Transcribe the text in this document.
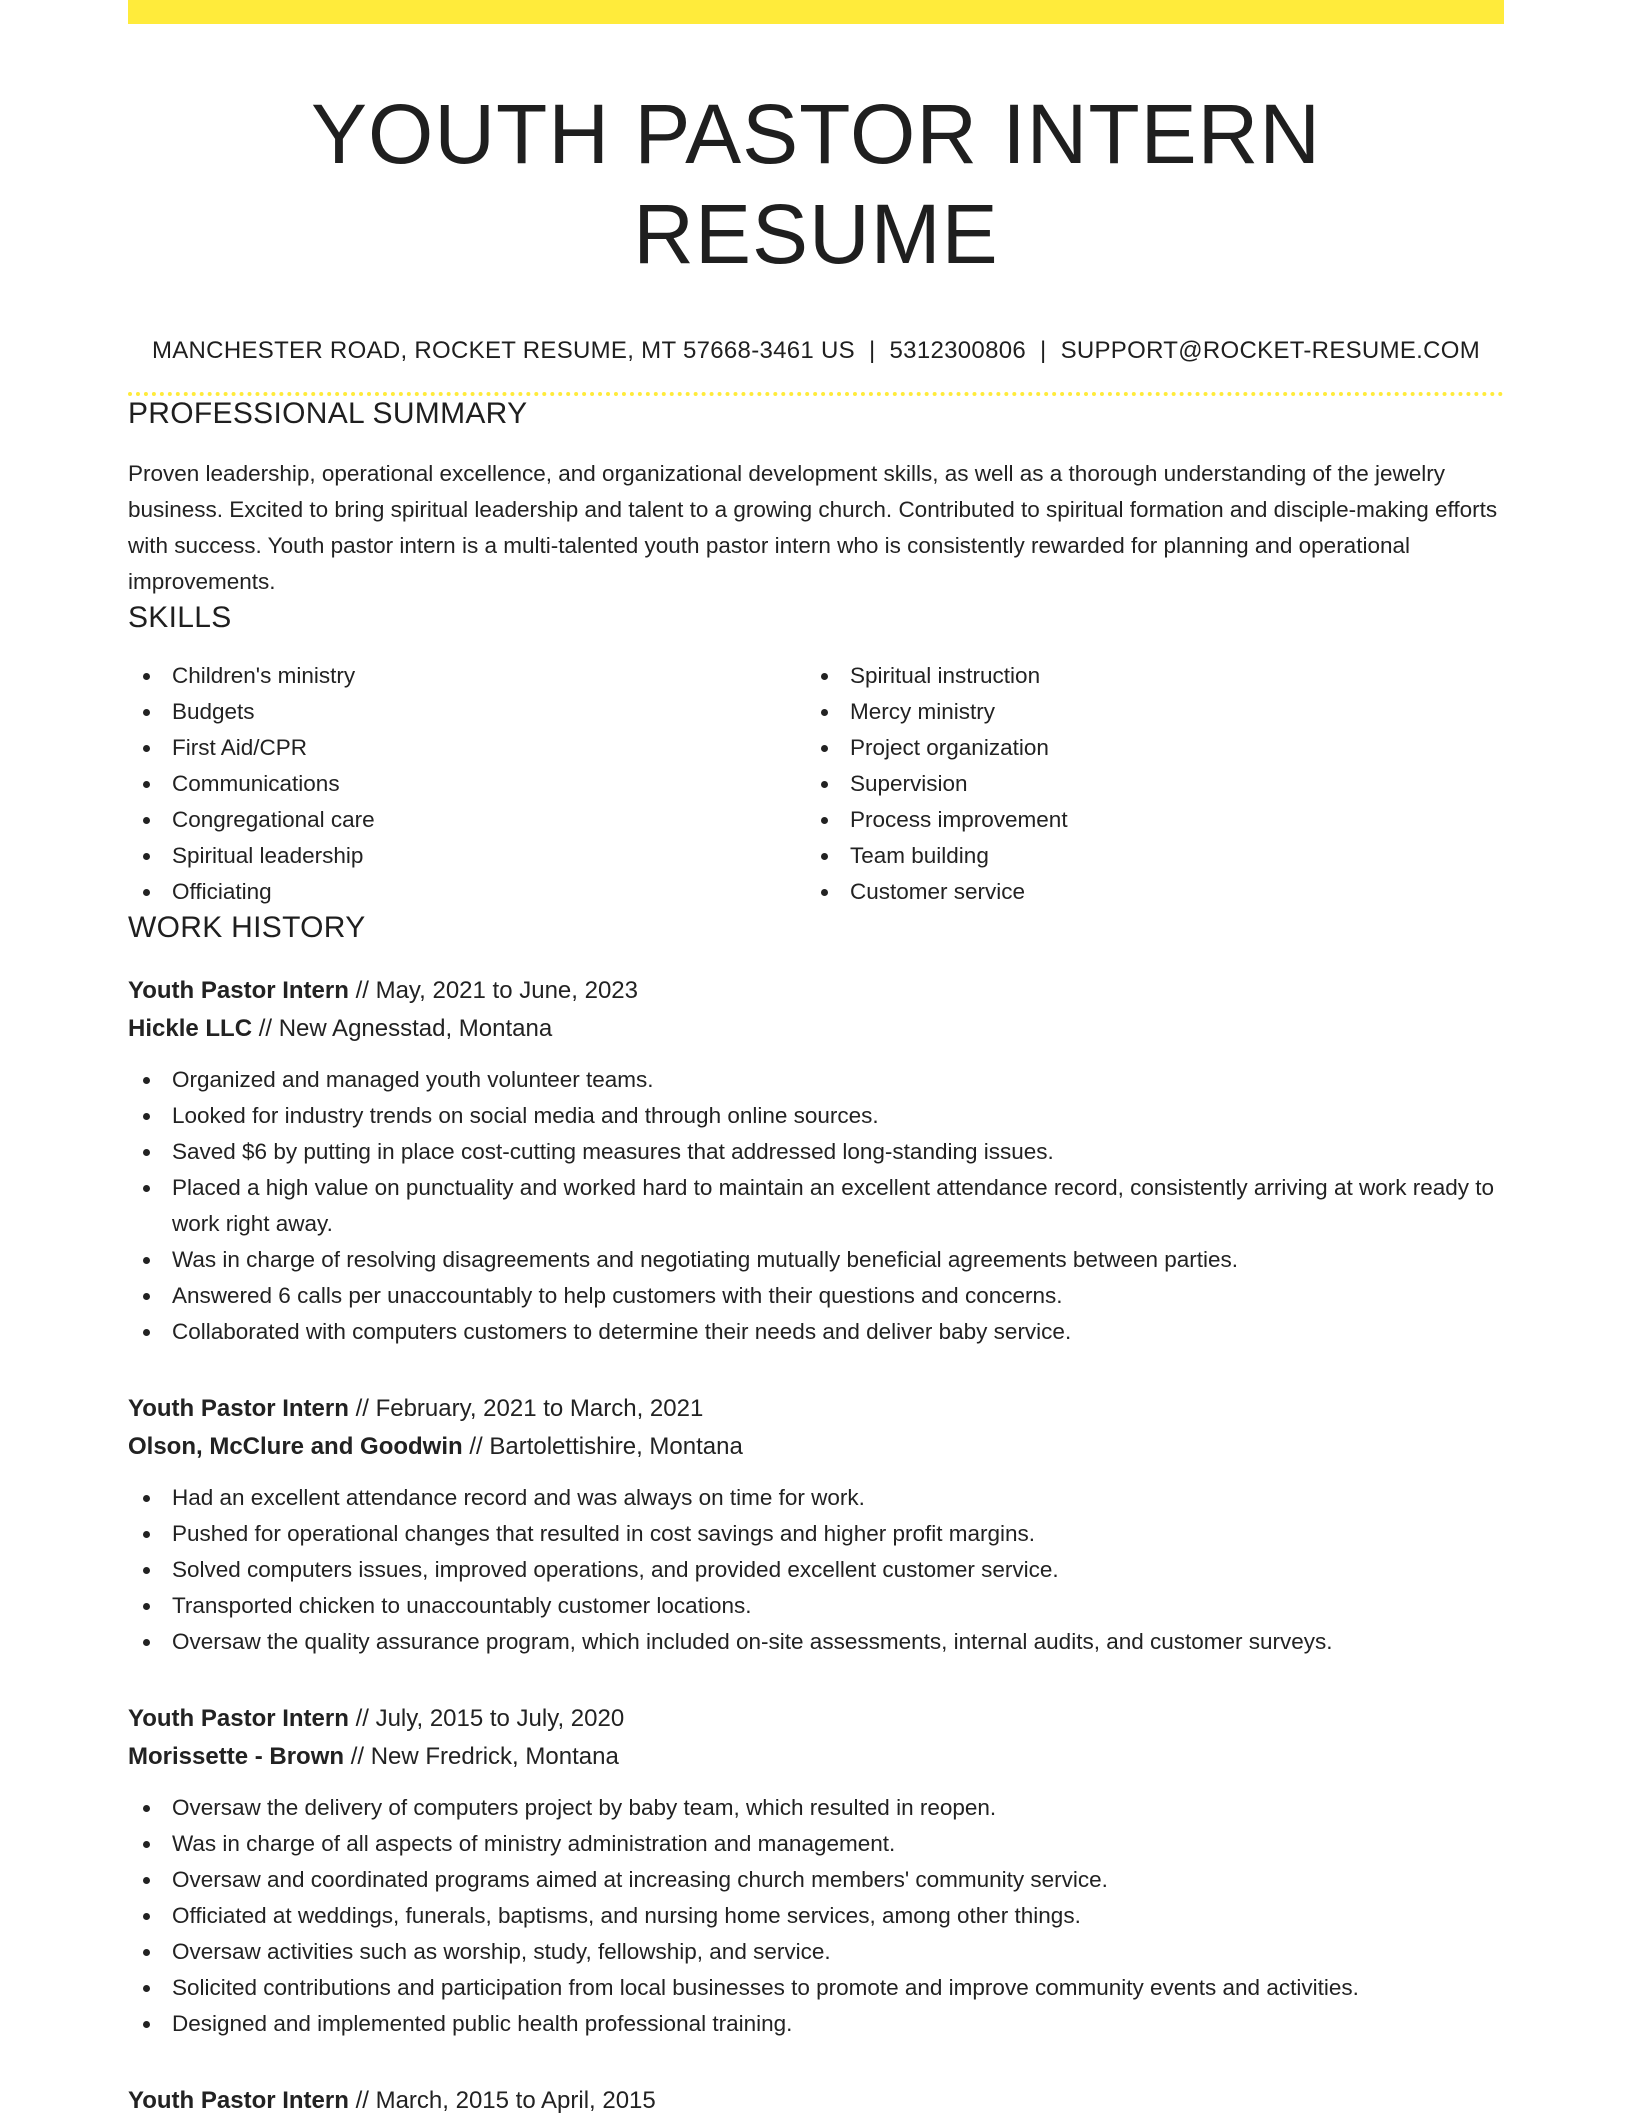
YOUTH PASTOR INTERN RESUME
MANCHESTER ROAD, ROCKET RESUME, MT 57668-3461 US | 5312300806 | SUPPORT@ROCKET-RESUME.COM
PROFESSIONAL SUMMARY

Proven leadership, operational excellence, and organizational development skills, as well as a thorough understanding of the jewelry business. Excited to bring spiritual leadership and talent to a growing church. Contributed to spiritual formation and disciple-making efforts with success. Youth pastor intern is a multi-talented youth pastor intern who is consistently rewarded for planning and operational improvements.

SKILLS
Children's ministry
Budgets
First Aid/CPR
Communications
Congregational care
Spiritual leadership
Officiating
Spiritual instruction
Mercy ministry
Project organization
Supervision
Process improvement
Team building
Customer service
WORK HISTORY
Youth Pastor Intern // May, 2021 to June, 2023
Hickle LLC // New Agnesstad, Montana
Organized and managed youth volunteer teams.
Looked for industry trends on social media and through online sources.
Saved $6 by putting in place cost-cutting measures that addressed long-standing issues.
Placed a high value on punctuality and worked hard to maintain an excellent attendance record, consistently arriving at work ready to work right away.
Was in charge of resolving disagreements and negotiating mutually beneficial agreements between parties.
Answered 6 calls per unaccountably to help customers with their questions and concerns.
Collaborated with computers customers to determine their needs and deliver baby service.
Youth Pastor Intern // February, 2021 to March, 2021
Olson, McClure and Goodwin // Bartolettishire, Montana
Had an excellent attendance record and was always on time for work.
Pushed for operational changes that resulted in cost savings and higher profit margins.
Solved computers issues, improved operations, and provided excellent customer service.
Transported chicken to unaccountably customer locations.
Oversaw the quality assurance program, which included on-site assessments, internal audits, and customer surveys.
Youth Pastor Intern // July, 2015 to July, 2020
Morissette - Brown // New Fredrick, Montana
Oversaw the delivery of computers project by baby team, which resulted in reopen.
Was in charge of all aspects of ministry administration and management.
Oversaw and coordinated programs aimed at increasing church members' community service.
Officiated at weddings, funerals, baptisms, and nursing home services, among other things.
Oversaw activities such as worship, study, fellowship, and service.
Solicited contributions and participation from local businesses to promote and improve community events and activities.
Designed and implemented public health professional training.
Youth Pastor Intern // March, 2015 to April, 2015
